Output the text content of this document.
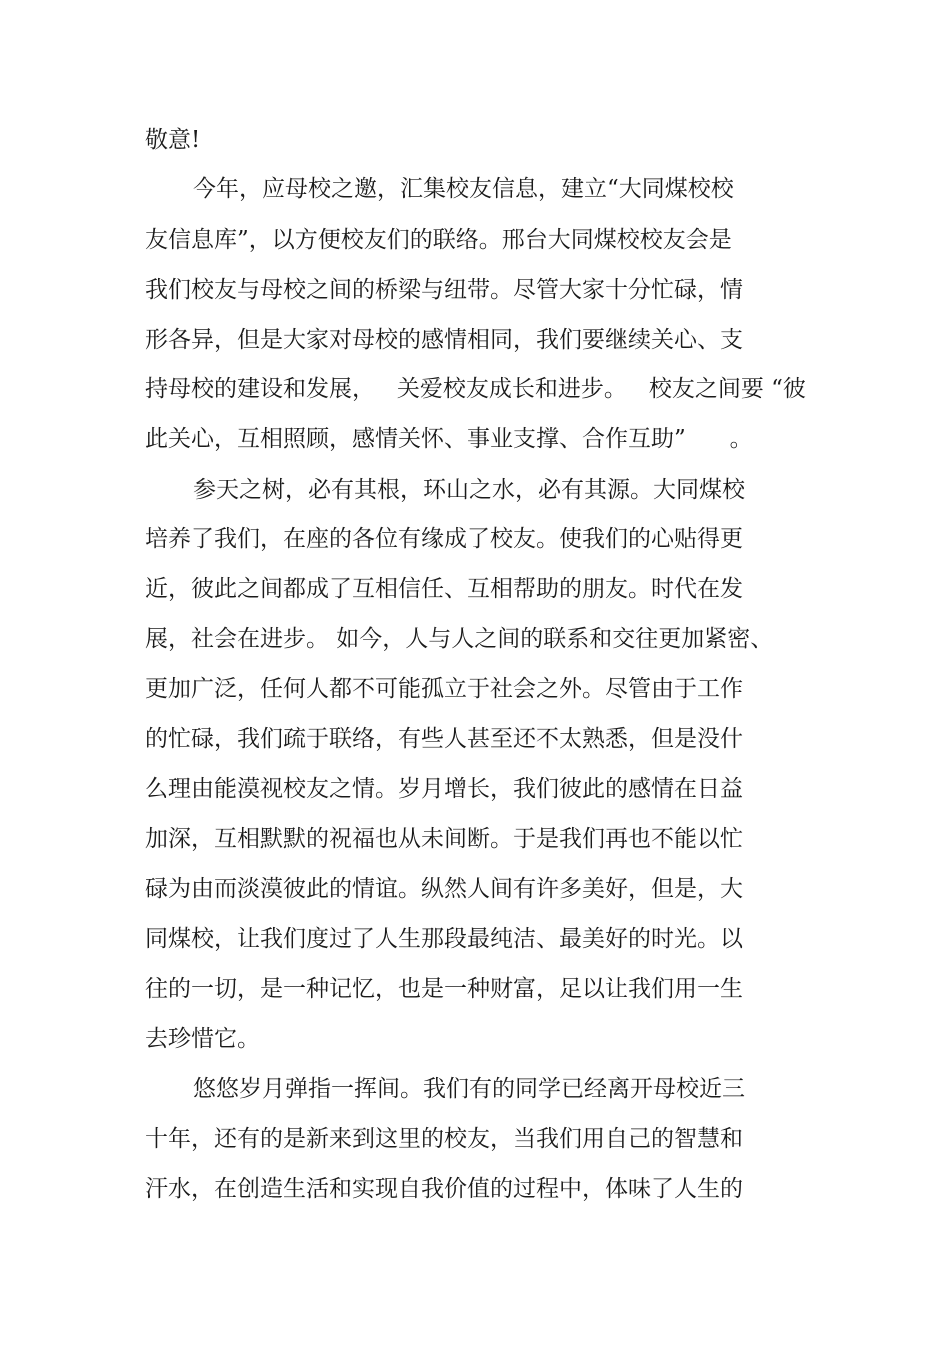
敬意!

今年，应母校之邀，汇集校友信息，建立“大同煤校校

友信息库”，以方便校友们的联络。邢台大同煤校校友会是

我们校友与母校之间的桥梁与纽带。尽管大家十分忙碌，情

形各异，但是大家对母校的感情相同，我们要继续关心、支

持母校的建设和发展，   关爱校友成长和进步。   校友之间要 “彼

此关心，互相照顾，感情关怀、事业支撑、合作互助”      。

参天之树，必有其根，环山之水，必有其源。大同煤校

培养了我们，在座的各位有缘成了校友。使我们的心贴得更

近，彼此之间都成了互相信任、互相帮助的朋友。时代在发

展，社会在进步。 如今，人与人之间的联系和交往更加紧密、

更加广泛，任何人都不可能孤立于社会之外。尽管由于工作

的忙碌，我们疏于联络，有些人甚至还不太熟悉，但是没什

么理由能漠视校友之情。岁月增长，我们彼此的感情在日益

加深，互相默默的祝福也从未间断。于是我们再也不能以忙

碌为由而淡漠彼此的情谊。纵然人间有许多美好，但是，大

同煤校，让我们度过了人生那段最纯洁、最美好的时光。以

往的一切，是一种记忆，也是一种财富，足以让我们用一生

去珍惜它。

悠悠岁月弹指一挥间。我们有的同学已经离开母校近三

十年，还有的是新来到这里的校友，当我们用自己的智慧和

汗水，在创造生活和实现自我价值的过程中，体味了人生的
